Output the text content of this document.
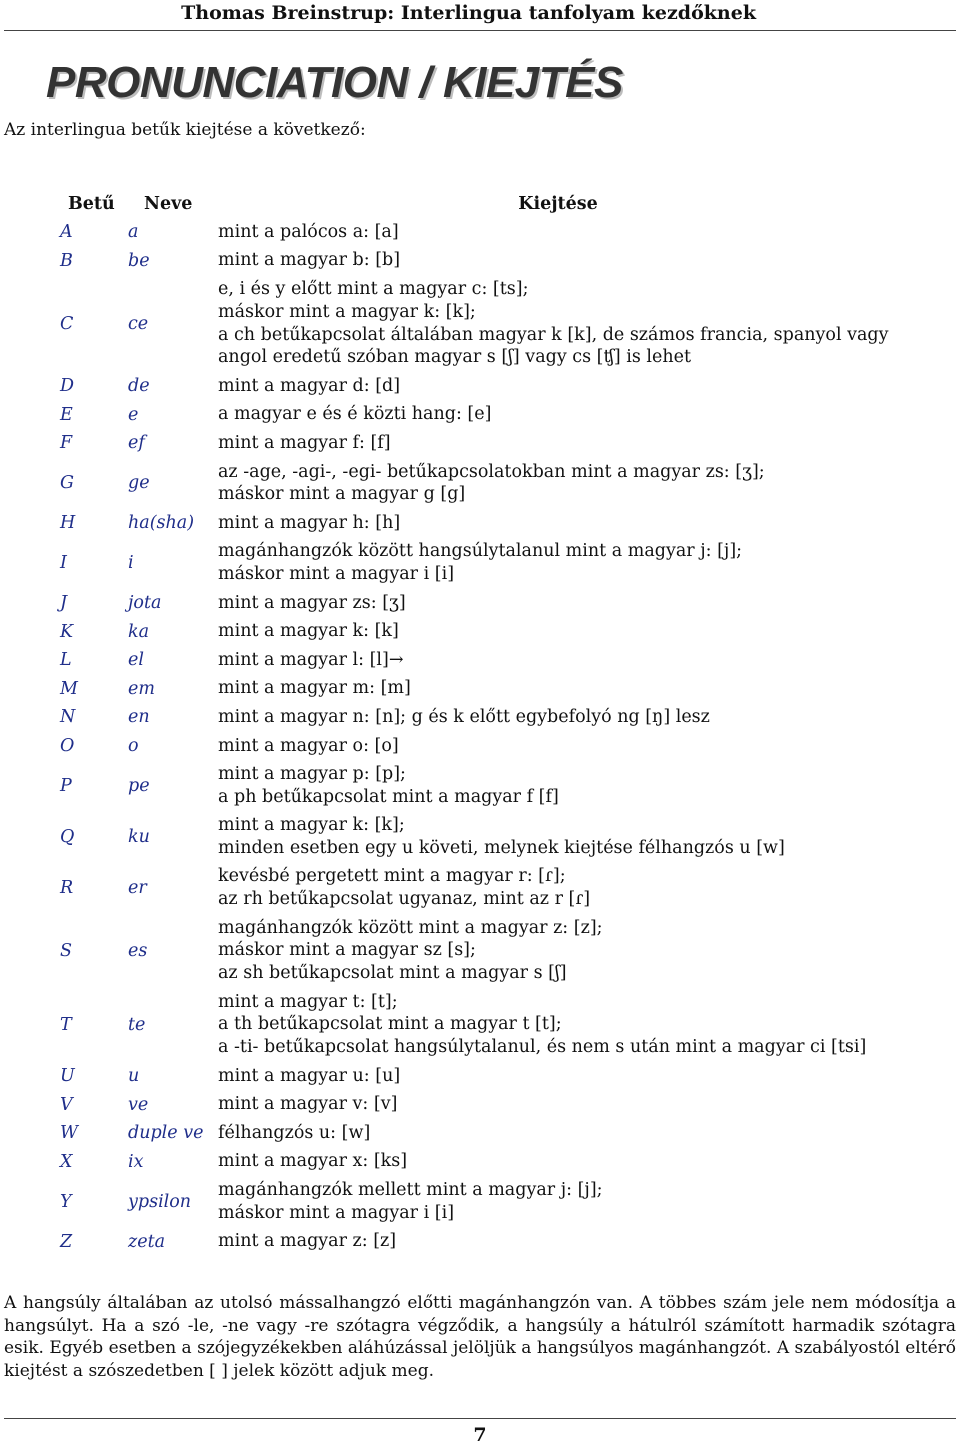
Thomas Breinstrup: Interlingua tanfolyam kezdőknek
PRONUNCIATION / KIEJTÉS
Az interlingua betűk kiejtése a következő:
Betű	Neve	Kiejtése
A	a	mint a palócos a: [a]

B	be	mint a magyar b: [b]

C	ce	e, i és y előtt mint a magyar c: [ts];
máskor mint a magyar k: [k];
a ch betűkapcsolat általában magyar k [k], de számos francia, spanyol vagy
angol eredetű szóban magyar s [ʃ] vagy cs [ʧ] is lehet

D	de	mint a magyar d: [d]

E	e	a magyar e és é közti hang: [e]

F	ef	mint a magyar f: [f]

G	ge	az -age, -agi-, -egi- betűkapcsolatokban mint a magyar zs: [ʒ];
máskor mint a magyar g [g]

H	ha(sha)	mint a magyar h: [h]

I	i	magánhangzók között hangsúlytalanul mint a magyar j: [j];
máskor mint a magyar i [i]

J	jota	mint a magyar zs: [ʒ]

K	ka	mint a magyar k: [k]

L	el	mint a magyar l: [l]→

M	em	mint a magyar m: [m]

N	en	mint a magyar n: [n]; g és k előtt egybefolyó ng [ŋ] lesz

O	o	mint a magyar o: [o]

P	pe	mint a magyar p: [p];
a ph betűkapcsolat mint a magyar f [f]

Q	ku	mint a magyar k: [k];
minden esetben egy u követi, melynek kiejtése félhangzós u [w]

R	er	kevésbé pergetett mint a magyar r: [ɾ];
az rh betűkapcsolat ugyanaz, mint az r [ɾ]

S	es	magánhangzók között mint a magyar z: [z];
máskor mint a magyar sz [s];
az sh betűkapcsolat mint a magyar s [ʃ]

T	te	mint a magyar t: [t];
a th betűkapcsolat mint a magyar t [t];
a -ti- betűkapcsolat hangsúlytalanul, és nem s után mint a magyar ci [tsi]

U	u	mint a magyar u: [u]

V	ve	mint a magyar v: [v]

W	duple ve	félhangzós u: [w]

X	ix	mint a magyar x: [ks]

Y	ypsilon	magánhangzók mellett mint a magyar j: [j];
máskor mint a magyar i [i]

Z	zeta	mint a magyar z: [z]
A hangsúly általában az utolsó mássalhangzó előtti magánhangzón van. A többes szám jele nem módosítja a hangsúlyt. Ha a szó -le, -ne vagy -re szótagra végződik, a hangsúly a hátulról számított harmadik szótagra esik. Egyéb esetben a szójegyzékekben aláhúzással jelöljük a hangsúlyos magánhangzót. A szabályostól eltérő kiejtést a szószedetben [ ] jelek között adjuk meg.
7
